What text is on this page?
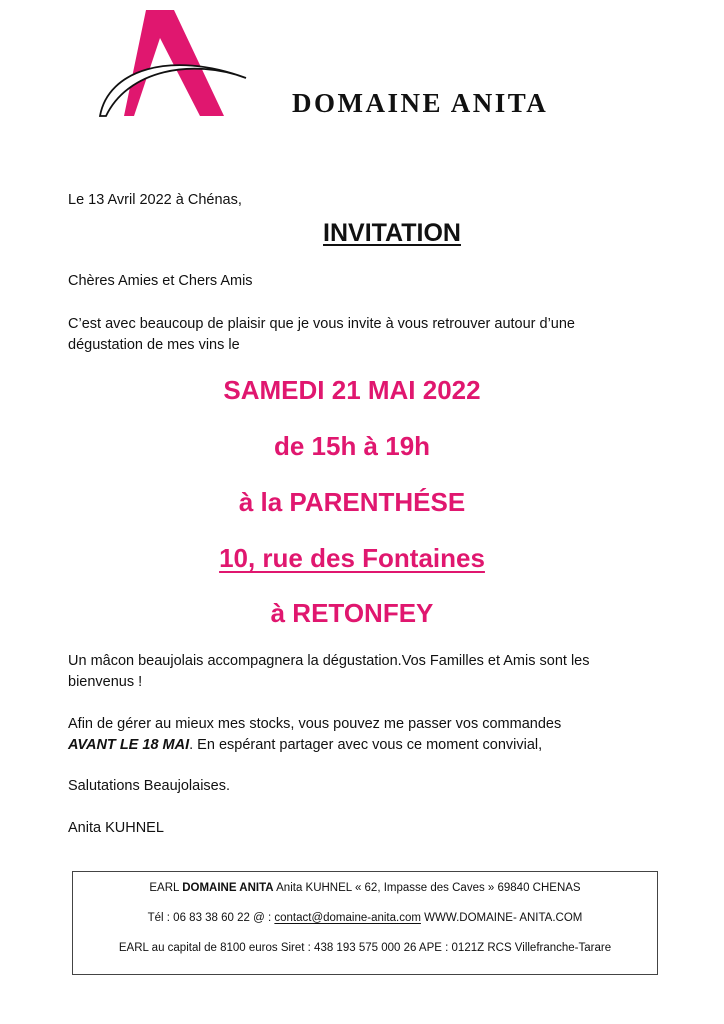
DOMAINE ANITA
Le 13 Avril 2022 à Chénas,
INVITATION
Chères Amies et Chers Amis
C’est avec beaucoup de plaisir que je vous invite à vous retrouver autour d’une
dégustation de mes vins le
SAMEDI 21 MAI 2022
de 15h à 19h
à la PARENTHÉSE
10, rue des Fontaines
à RETONFEY
Un mâcon beaujolais accompagnera la dégustation.Vos Familles et Amis sont les
bienvenus !
Afin de gérer au mieux mes stocks, vous pouvez me passer vos commandes
AVANT LE 18 MAI. En espérant partager avec vous ce moment convivial,
Salutations Beaujolaises.
Anita KUHNEL
EARL DOMAINE ANITA Anita KUHNEL « 62, Impasse des Caves » 69840 CHENAS
Tél : 06 83 38 60 22 @ : contact@domaine-anita.com WWW.DOMAINE- ANITA.COM
EARL au capital de 8100 euros Siret : 438 193 575 000 26 APE : 0121Z RCS Villefranche-Tarare
